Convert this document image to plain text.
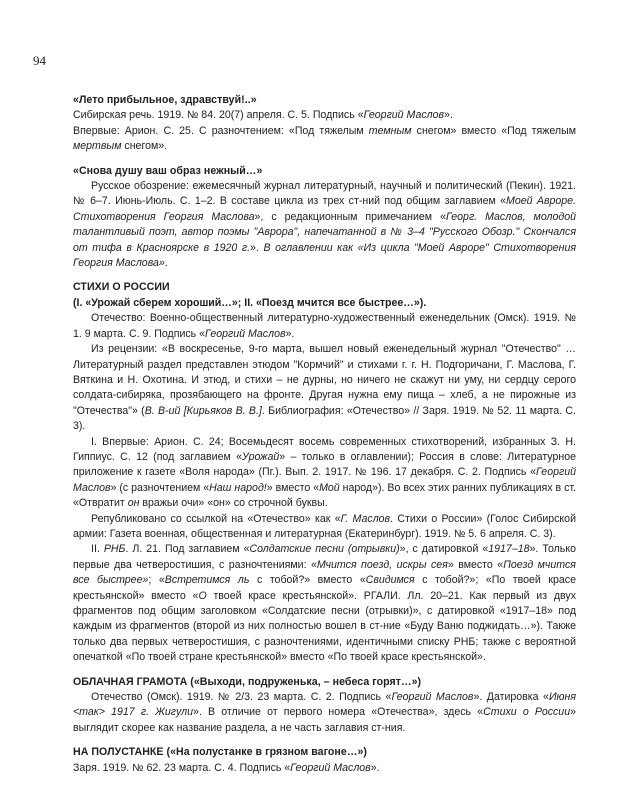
94
«Лето прибыльное, здравствуй!..»

Сибирская речь. 1919. № 84. 20(7) апреля. С. 5. Подпись «Георгий Маслов».

Впервые: Арион. С. 25. С разночтением: «Под тяжелым темным снегом» вместо «Под тяжелым мертвым снегом».

«Снова душу ваш образ нежный…»

Русское обозрение: ежемесячный журнал литературный, научный и политический (Пекин). 1921. № 6–7. Июнь-Июль. С. 1–2. В составе цикла из трех ст-ний под общим заглавием «Моей Авроре. Стихотворения Георгия Маслова», с редакционным примечанием «Георг. Маслов, молодой талантливый поэт, автор поэмы "Аврора", напечатанной в № 3–4 "Русского Обозр." Скончался от тифа в Красноярске в 1920 г.». В оглавлении как «Из цикла "Моей Авроре" Стихотворения Георгия Маслова».

СТИХИ О РОССИИ
(I. «Урожай сберем хороший…»; II. «Поезд мчится все быстрее…»).

Отечество: Военно-общественный литературно-художественный еженедельник (Омск). 1919. № 1. 9 марта. С. 9. Подпись «Георгий Маслов».

Из рецензии: «В воскресенье, 9-го марта, вышел новый еженедельный журнал "Отечество" … Литературный раздел представлен этюдом "Кормчий" и стихами г. г. Н. Подгоричани, Г. Маслова, Г. Вяткина и Н. Охотина. И этюд, и стихи – не дурны, но ничего не скажут ни уму, ни сердцу серого солдата-сибиряка, прозябающего на фронте. Другая нужна ему пища – хлеб, а не пирожные из "Отечества"» (В. В-ий [Кирьяков В. В.]. Библиография: «Отечество» // Заря. 1919. № 52. 11 марта. С. 3).

I. Впервые: Арион. С. 24; Восемьдесят восемь современных стихотворений, избранных З. Н. Гиппиус. С. 12 (под заглавием «Урожай» – только в оглавлении); Россия в слове: Литературное приложение к газете «Воля народа» (Пг.). Вып. 2. 1917. № 196. 17 декабря. С. 2. Подпись «Георгий Маслов» (с разночтением «Наш народ!» вместо «Мой народ»). Во всех этих ранних публикациях в ст. «Отвратит он вражьи очи» «он» со строчной буквы.

Републиковано со ссылкой на «Отечество» как «Г. Маслов. Стихи о России» (Голос Сибирской армии: Газета военная, общественная и литературная (Екатеринбург). 1919. № 5. 6 апреля. С. 3).

II. РНБ. Л. 21. Под заглавием «Солдатские песни (отрывки)», с датировкой «1917–18». Только первые два четверостишия, с разночтениями: «Мчится поезд, искры сея» вместо «Поезд мчится все быстрее»; «Встретимся ль с тобой?» вместо «Свидимся с тобой?»; «По твоей красе крестьянской» вместо «О твоей красе крестьянской». РГАЛИ. Лл. 20–21. Как первый из двух фрагментов под общим заголовком «Солдатские песни (отрывки)», с датировкой «1917–18» под каждым из фрагментов (второй из них полностью вошел в ст-ние «Буду Ваню поджидать…»). Также только два первых четверостишия, с разночтениями, идентичными списку РНБ; также с вероятной опечаткой «По твоей стране крестьянской» вместо «По твоей красе крестьянской».

ОБЛАЧНАЯ ГРАМОТА («Выходи, подруженька, – небеса горят…»)

Отечество (Омск). 1919. № 2/3. 23 марта. С. 2. Подпись «Георгий Маслов». Датировка «Июня <так> 1917 г. Жигули». В отличие от первого номера «Отечества», здесь «Стихи о России» выглядит скорее как название раздела, а не часть заглавия ст-ния.

НА ПОЛУСТАНКЕ («На полустанке в грязном вагоне…»)

Заря. 1919. № 62. 23 марта. С. 4. Подпись «Георгий Маслов».
